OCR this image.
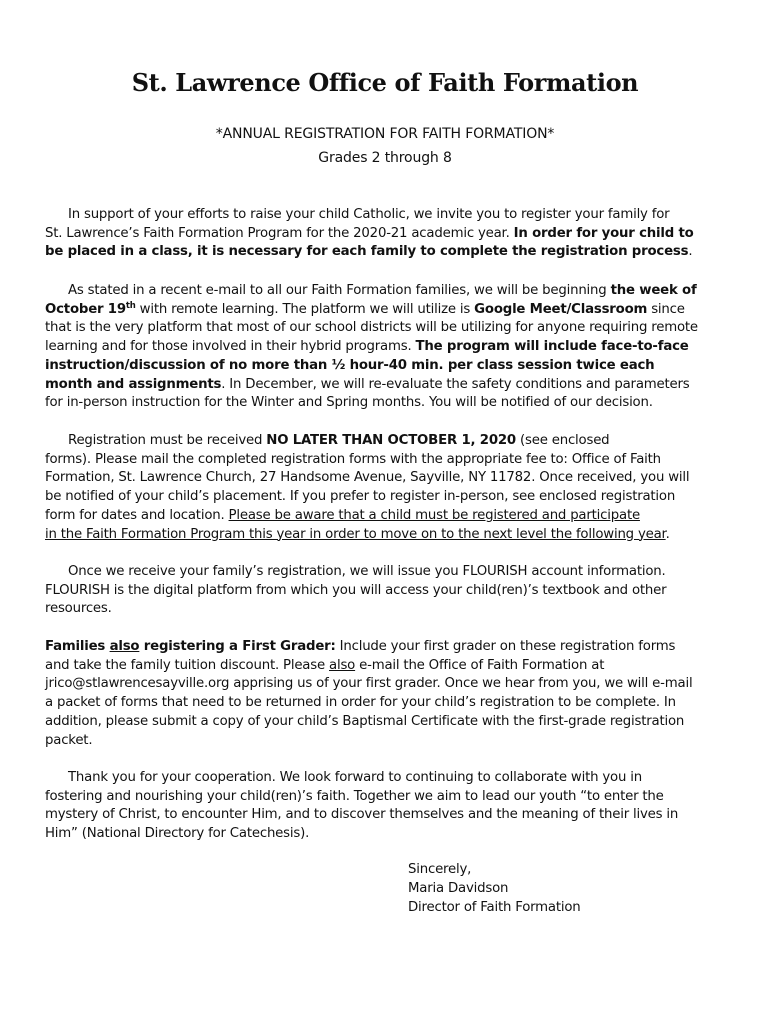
St. Lawrence Office of Faith Formation
*ANNUAL REGISTRATION FOR FAITH FORMATION*
Grades 2 through 8
In support of your efforts to raise your child Catholic, we invite you to register your family for
St. Lawrence’s Faith Formation Program for the 2020-21 academic year. In order for your child to
be placed in a class, it is necessary for each family to complete the registration process.
As stated in a recent e-mail to all our Faith Formation families, we will be beginning the week of
October 19th with remote learning. The platform we will utilize is Google Meet/Classroom since
that is the very platform that most of our school districts will be utilizing for anyone requiring remote
learning and for those involved in their hybrid programs. The program will include face-to-face
instruction/discussion of no more than ½ hour-40 min. per class session twice each
month and assignments. In December, we will re-evaluate the safety conditions and parameters
for in-person instruction for the Winter and Spring months. You will be notified of our decision.
Registration must be received NO LATER THAN OCTOBER 1, 2020 (see enclosed
forms). Please mail the completed registration forms with the appropriate fee to: Office of Faith
Formation, St. Lawrence Church, 27 Handsome Avenue, Sayville, NY 11782. Once received, you will
be notified of your child’s placement. If you prefer to register in-person, see enclosed registration
form for dates and location. Please be aware that a child must be registered and participate
in the Faith Formation Program this year in order to move on to the next level the following year.
Once we receive your family’s registration, we will issue you FLOURISH account information.
FLOURISH is the digital platform from which you will access your child(ren)’s textbook and other
resources.
Families also registering a First Grader: Include your first grader on these registration forms
and take the family tuition discount. Please also e-mail the Office of Faith Formation at
jrico@stlawrencesayville.org apprising us of your first grader. Once we hear from you, we will e-mail
a packet of forms that need to be returned in order for your child’s registration to be complete. In
addition, please submit a copy of your child’s Baptismal Certificate with the first-grade registration
packet.
Thank you for your cooperation. We look forward to continuing to collaborate with you in
fostering and nourishing your child(ren)’s faith. Together we aim to lead our youth “to enter the
mystery of Christ, to encounter Him, and to discover themselves and the meaning of their lives in
Him” (National Directory for Catechesis).
Sincerely,
Maria Davidson
Director of Faith Formation
